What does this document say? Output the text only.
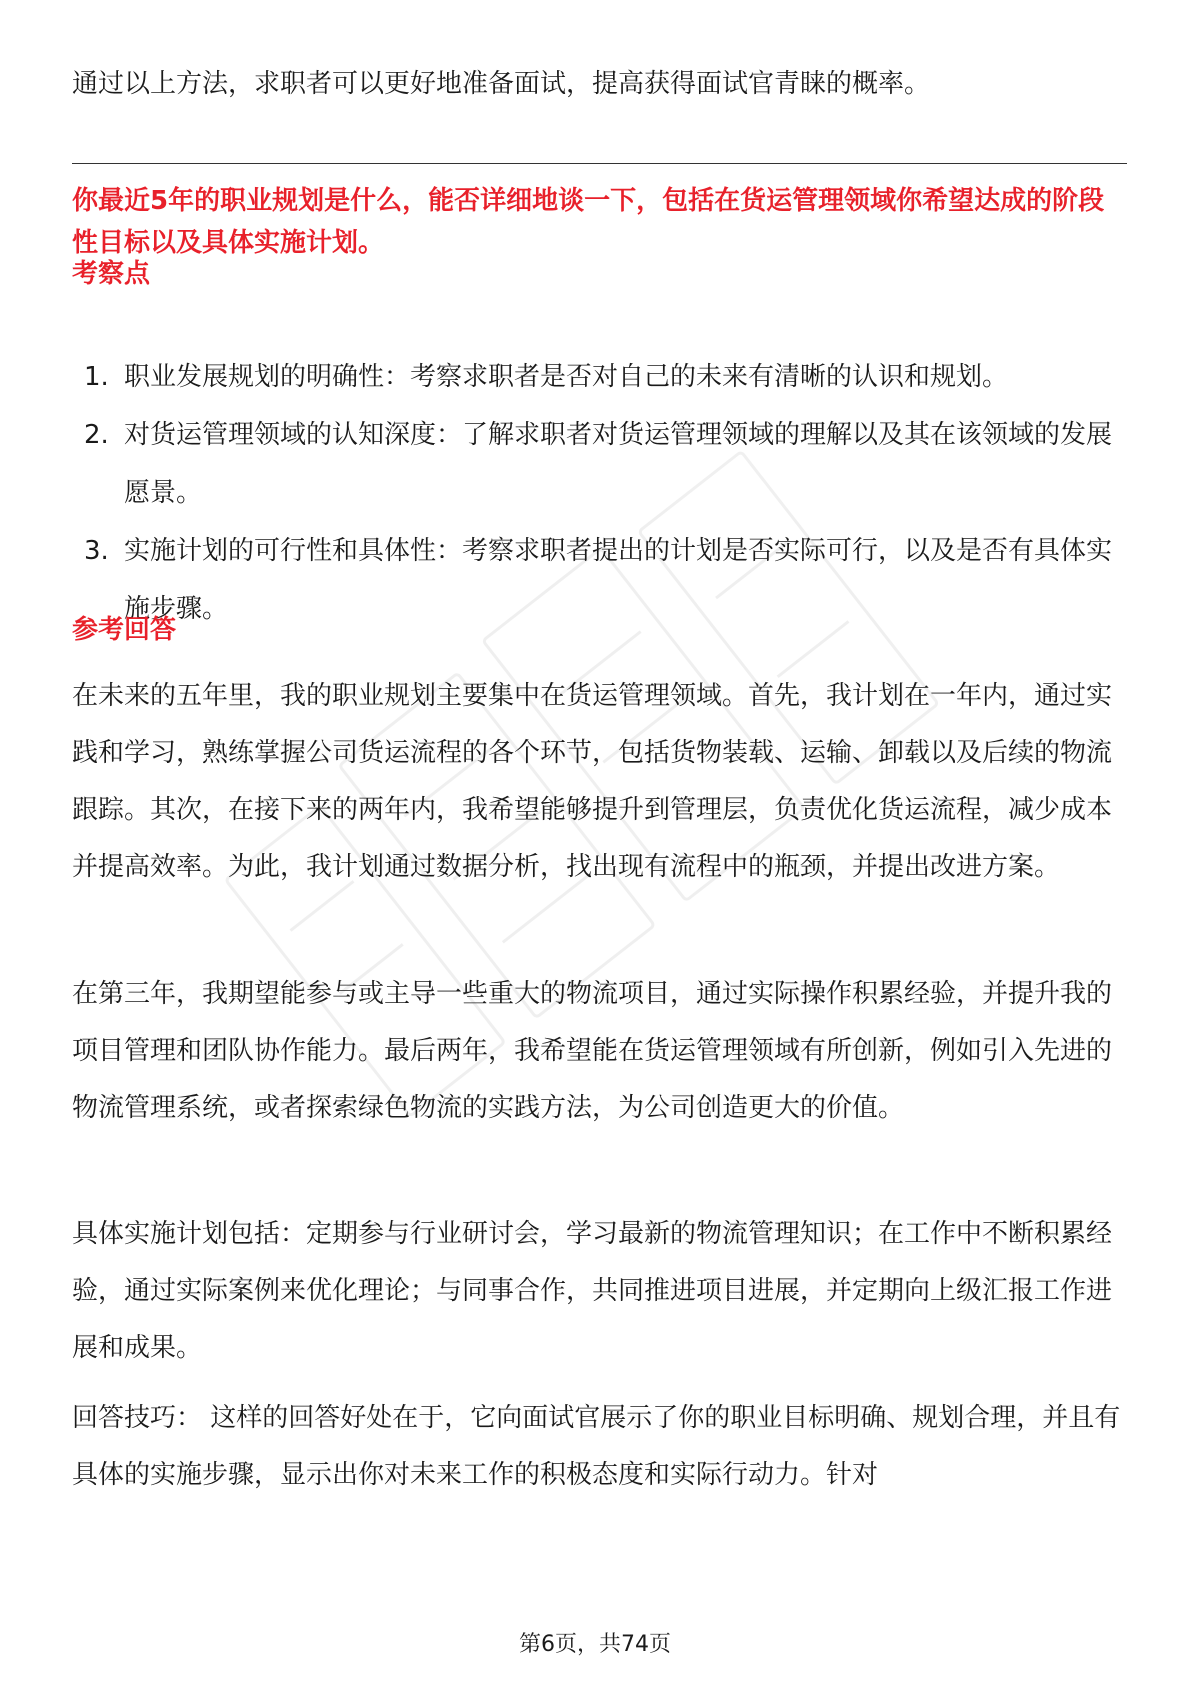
通过以上方法，求职者可以更好地准备面试，提高获得面试官青睐的概率。

你最近5年的职业规划是什么，能否详细地谈一下，包括在货运管理领域你希望达成的阶段性目标以及具体实施计划。

考察点

1. 职业发展规划的明确性：考察求职者是否对自己的未来有清晰的认识和规划。
2. 对货运管理领域的认知深度：了解求职者对货运管理领域的理解以及其在该领域的发展愿景。
3. 实施计划的可行性和具体性：考察求职者提出的计划是否实际可行，以及是否有具体实施步骤。

参考回答

在未来的五年里，我的职业规划主要集中在货运管理领域。首先，我计划在一年内，通过实践和学习，熟练掌握公司货运流程的各个环节，包括货物装载、运输、卸载以及后续的物流跟踪。其次，在接下来的两年内，我希望能够提升到管理层，负责优化货运流程，减少成本并提高效率。为此，我计划通过数据分析，找出现有流程中的瓶颈，并提出改进方案。

在第三年，我期望能参与或主导一些重大的物流项目，通过实际操作积累经验，并提升我的项目管理和团队协作能力。最后两年，我希望能在货运管理领域有所创新，例如引入先进的物流管理系统，或者探索绿色物流的实践方法，为公司创造更大的价值。

具体实施计划包括：定期参与行业研讨会，学习最新的物流管理知识；在工作中不断积累经验，通过实际案例来优化理论；与同事合作，共同推进项目进展，并定期向上级汇报工作进展和成果。

回答技巧： 这样的回答好处在于，它向面试官展示了你的职业目标明确、规划合理，并且有具体的实施步骤，显示出你对未来工作的积极态度和实际行动力。针对

第6页，共74页
